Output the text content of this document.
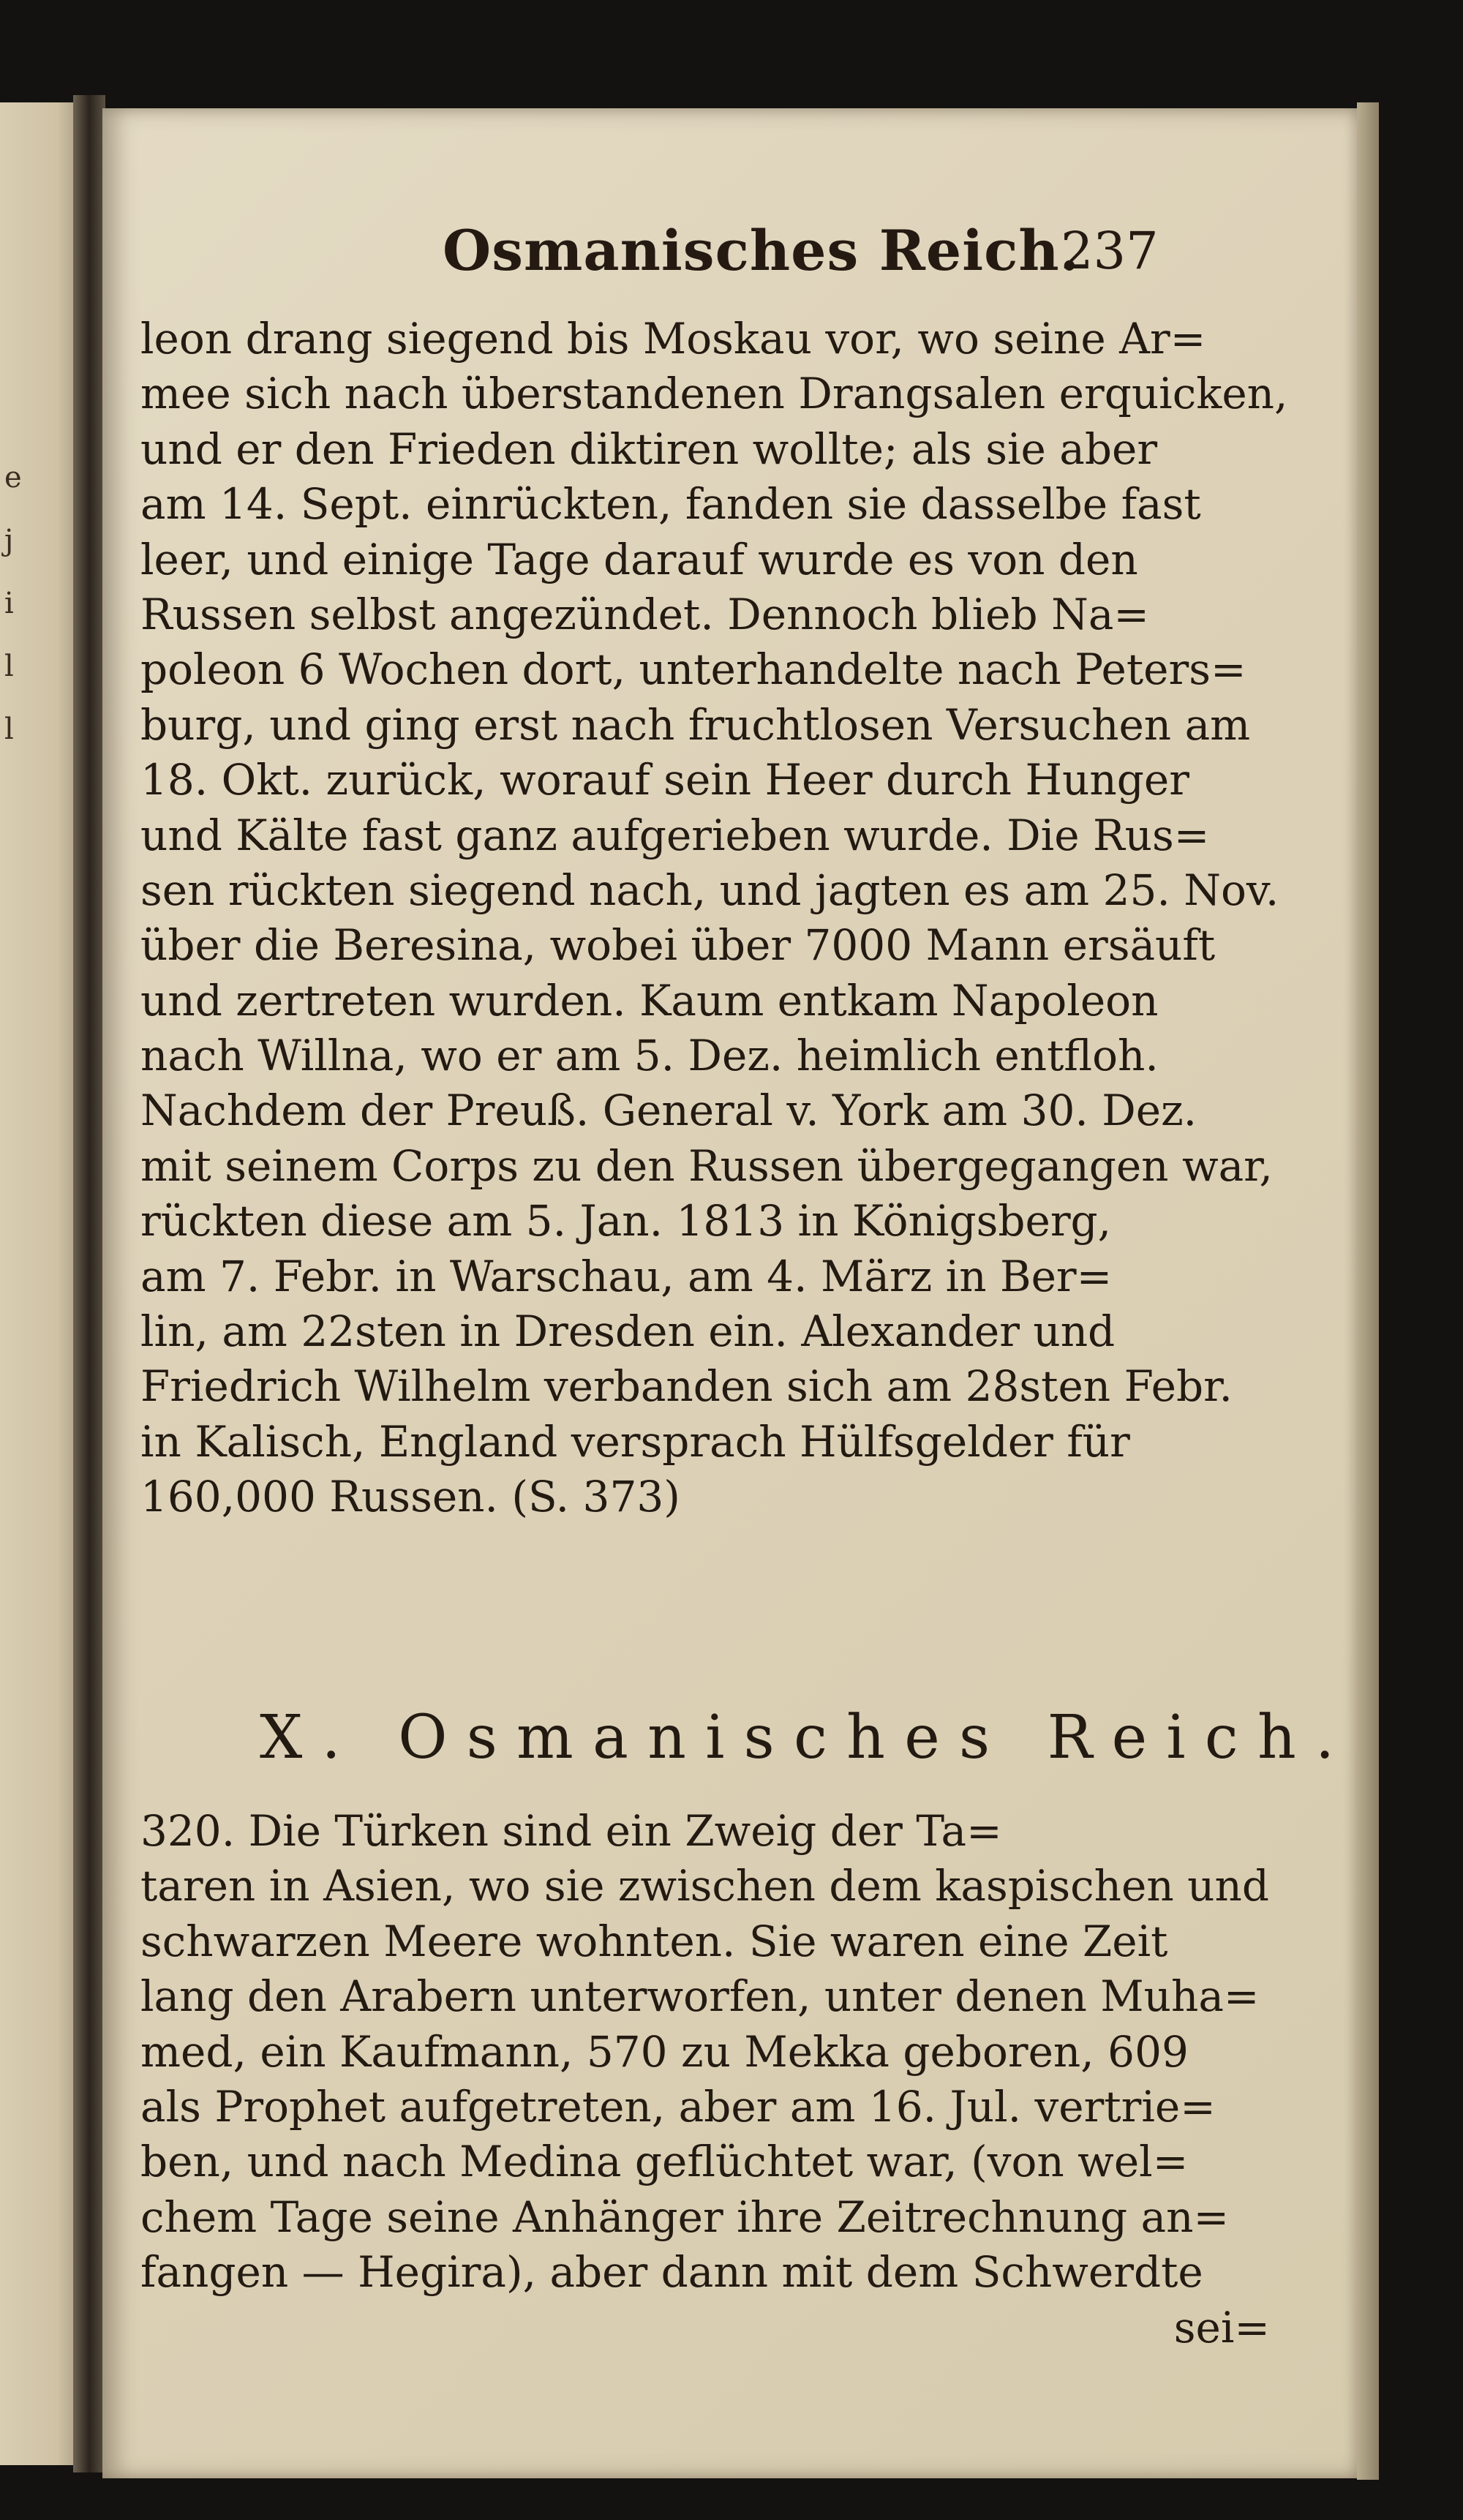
e
j
i
l
l
Osmanisches Reich.
237
leon drang siegend bis Moskau vor, wo seine Ar=
mee sich nach überstandenen Drangsalen erquicken,
und er den Frieden diktiren wollte; als sie aber
am 14. Sept. einrückten, fanden sie dasselbe fast
leer, und einige Tage darauf wurde es von den
Russen selbst angezündet. Dennoch blieb Na=
poleon 6 Wochen dort, unterhandelte nach Peters=
burg, und ging erst nach fruchtlosen Versuchen am
18. Okt. zurück, worauf sein Heer durch Hunger
und Kälte fast ganz aufgerieben wurde. Die Rus=
sen rückten siegend nach, und jagten es am 25. Nov.
über die Beresina, wobei über 7000 Mann ersäuft
und zertreten wurden. Kaum entkam Napoleon
nach Willna, wo er am 5. Dez. heimlich entfloh.
Nachdem der Preuß. General v. York am 30. Dez.
mit seinem Corps zu den Russen übergegangen war,
rückten diese am 5. Jan. 1813 in Königsberg,
am 7. Febr. in Warschau, am 4. März in Ber=
lin, am 22sten in Dresden ein. Alexander und
Friedrich Wilhelm verbanden sich am 28sten Febr.
in Kalisch, England versprach Hülfsgelder für
160,000 Russen. (S. 373)
X. Osmanisches Reich.
320. Die Türken sind ein Zweig der Ta=
taren in Asien, wo sie zwischen dem kaspischen und
schwarzen Meere wohnten. Sie waren eine Zeit
lang den Arabern unterworfen, unter denen Muha=
med, ein Kaufmann, 570 zu Mekka geboren, 609
als Prophet aufgetreten, aber am 16. Jul. vertrie=
ben, und nach Medina geflüchtet war, (von wel=
chem Tage seine Anhänger ihre Zeitrechnung an=
fangen — Hegira), aber dann mit dem Schwerdte
sei=
